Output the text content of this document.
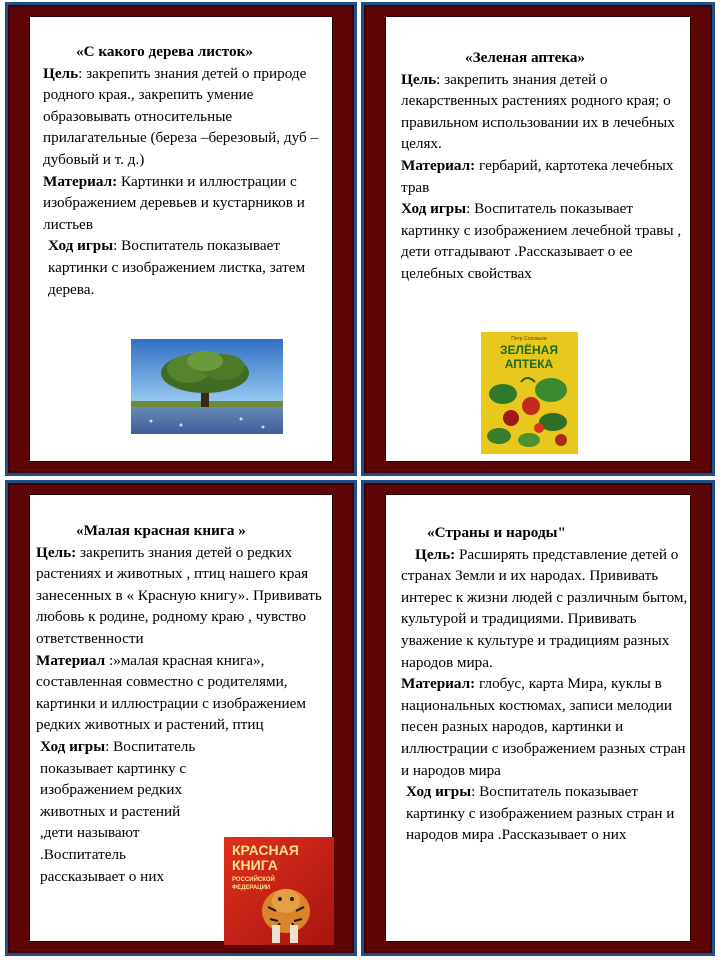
«С какого дерева листок»
Цель: закрепить знания детей о природе родного края., закрепить умение образовывать относительные прилагательные (береза –березовый, дуб – дубовый и т. д.)
Материал: Картинки и иллюстрации с изображением деревьев и кустарников и листьев
Ход игры: Воспитатель показывает картинки с изображением листка, затем дерева.
«Зеленая аптека»
Цель: закрепить знания детей о лекарственных растениях родного края; о правильном использовании их в лечебных целях.
Материал: гербарий, картотека лечебных трав
Ход игры: Воспитатель показывает картинку с изображением лечебной травы , дети отгадывают .Рассказывает о ее целебных свойствах
Петр Соловьев
ЗЕЛЁНАЯ
АПТЕКА
«Малая красная книга »
Цель: закрепить знания детей о редких растениях и животных , птиц нашего края занесенных в « Красную книгу». Прививать любовь к родине, родному краю , чувство ответственности
Материал :»малая красная книга», составленная совместно с родителями, картинки и иллюстрации с изображением редких животных и растений, птиц
Ход игры: Воспитатель показывает картинку с изображением редких животных и растений ,дети называют .Воспитатель рассказывает о них
КРАСНАЯ
КНИГА
РОССИЙСКОЙ
ФЕДЕРАЦИИ
«Страны и народы"
Цель: Расширять представление детей о странах Земли и их народах. Прививать интерес к жизни людей с различным бытом, культурой и традициями. Прививать уважение к культуре и традициям разных народов мира.
Материал: глобус, карта Мира, куклы в национальных костюмах, записи мелодии песен разных народов, картинки и иллюстрации с изображением разных стран и народов мира
Ход игры: Воспитатель показывает картинку с изображением разных стран и народов мира .Рассказывает о них
